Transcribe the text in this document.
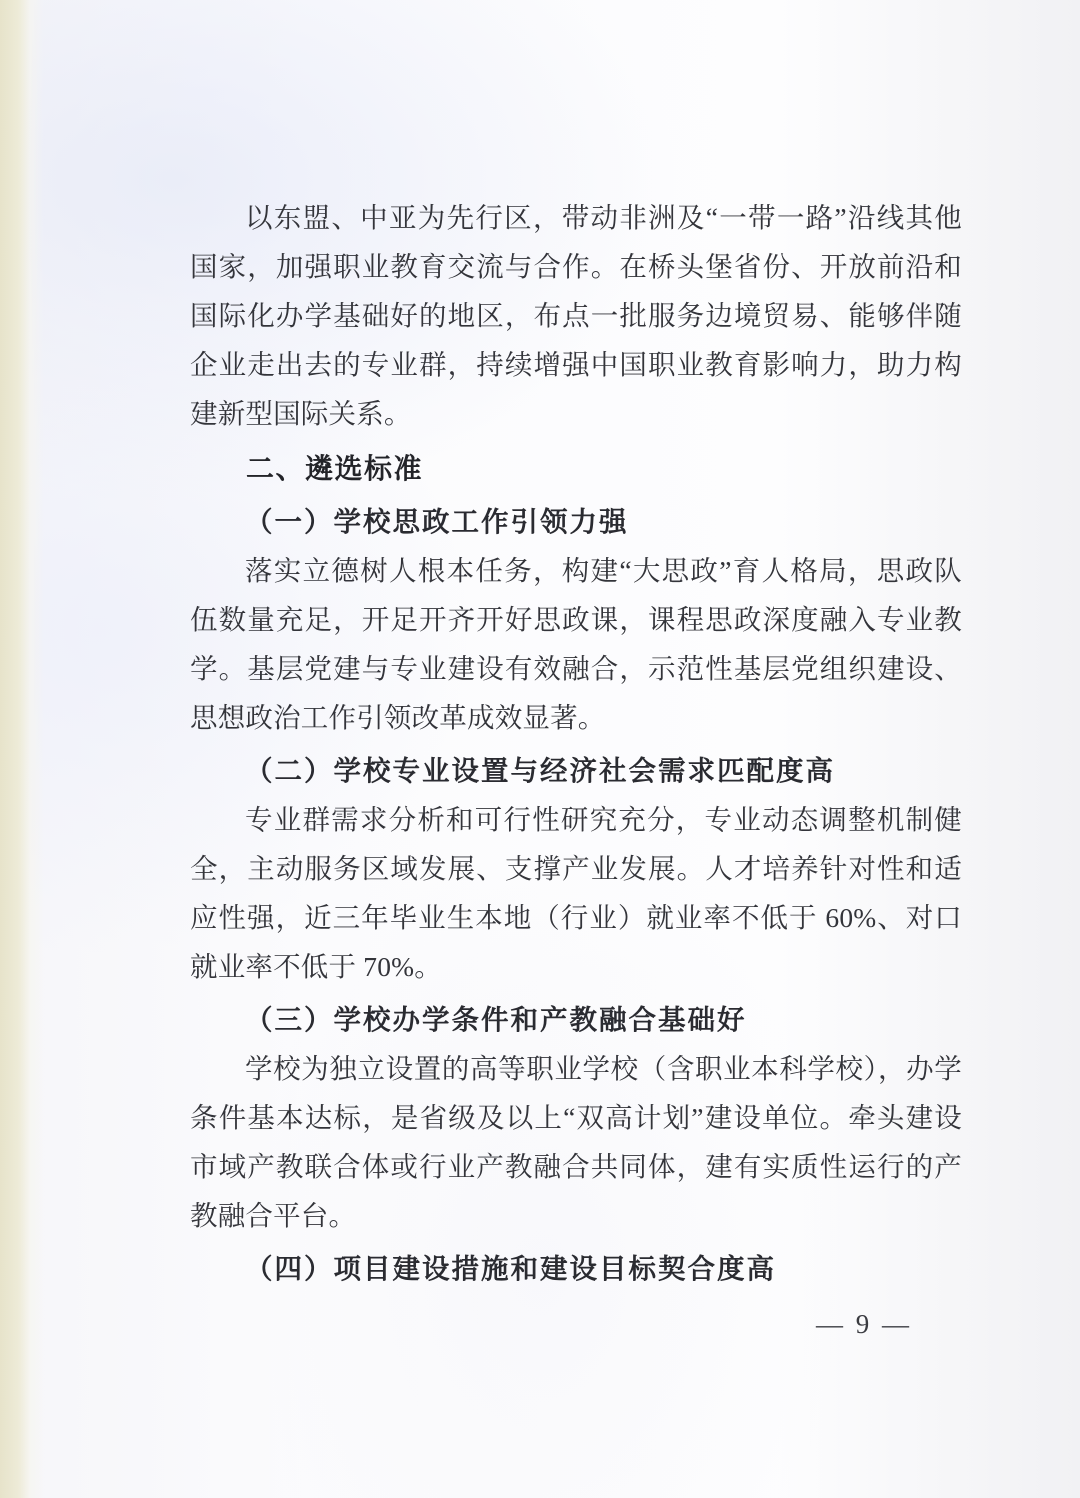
以东盟、中亚为先行区，带动非洲及“一带一路”沿线其他国家，加强职业教育交流与合作。在桥头堡省份、开放前沿和国际化办学基础好的地区，布点一批服务边境贸易、能够伴随企业走出去的专业群，持续增强中国职业教育影响力，助力构建新型国际关系。

二、遴选标准
（一）学校思政工作引领力强

落实立德树人根本任务，构建“大思政”育人格局，思政队伍数量充足，开足开齐开好思政课，课程思政深度融入专业教学。基层党建与专业建设有效融合，示范性基层党组织建设、思想政治工作引领改革成效显著。

（二）学校专业设置与经济社会需求匹配度高

专业群需求分析和可行性研究充分，专业动态调整机制健全，主动服务区域发展、支撑产业发展。人才培养针对性和适应性强，近三年毕业生本地（行业）就业率不低于 60%、对口就业率不低于 70%。

（三）学校办学条件和产教融合基础好

学校为独立设置的高等职业学校（含职业本科学校），办学条件基本达标，是省级及以上“双高计划”建设单位。牵头建设市域产教联合体或行业产教融合共同体，建有实质性运行的产教融合平台。

（四）项目建设措施和建设目标契合度高
— 9 —
